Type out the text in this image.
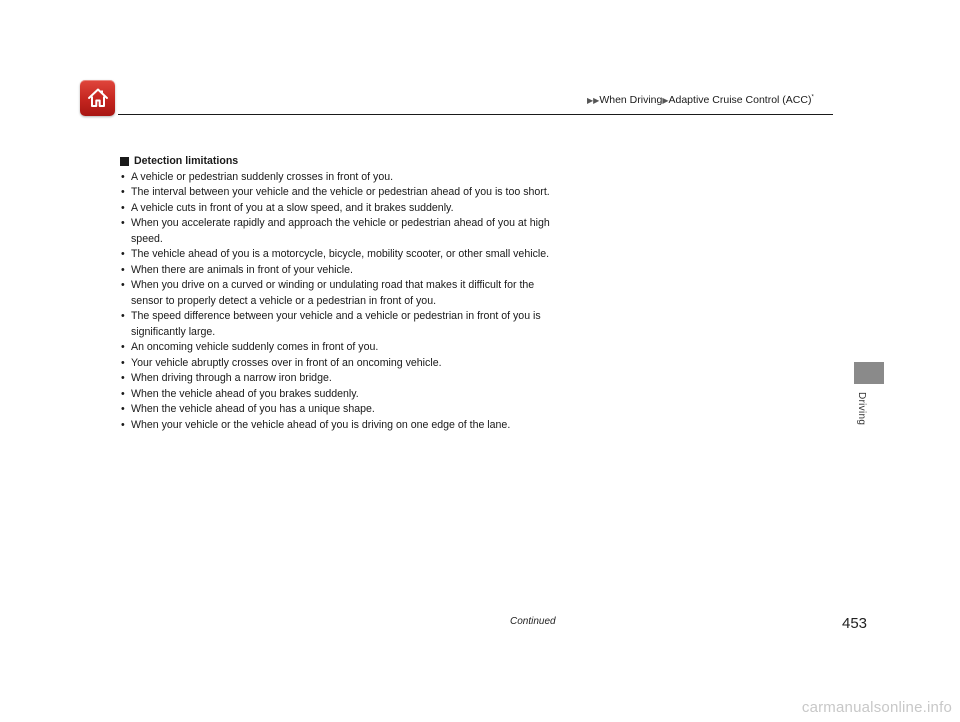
▶▶When Driving▶Adaptive Cruise Control (ACC)*
Detection limitations
• A vehicle or pedestrian suddenly crosses in front of you.
• The interval between your vehicle and the vehicle or pedestrian ahead of you is too short.
• A vehicle cuts in front of you at a slow speed, and it brakes suddenly.
• When you accelerate rapidly and approach the vehicle or pedestrian ahead of you at high speed.
• The vehicle ahead of you is a motorcycle, bicycle, mobility scooter, or other small vehicle.
• When there are animals in front of your vehicle.
• When you drive on a curved or winding or undulating road that makes it difficult for the sensor to properly detect a vehicle or a pedestrian in front of you.
• The speed difference between your vehicle and a vehicle or pedestrian in front of you is significantly large.
• An oncoming vehicle suddenly comes in front of you.
• Your vehicle abruptly crosses over in front of an oncoming vehicle.
• When driving through a narrow iron bridge.
• When the vehicle ahead of you brakes suddenly.
• When the vehicle ahead of you has a unique shape.
• When your vehicle or the vehicle ahead of you is driving on one edge of the lane.	Driving
Continued	453
carmanualsonline.info
